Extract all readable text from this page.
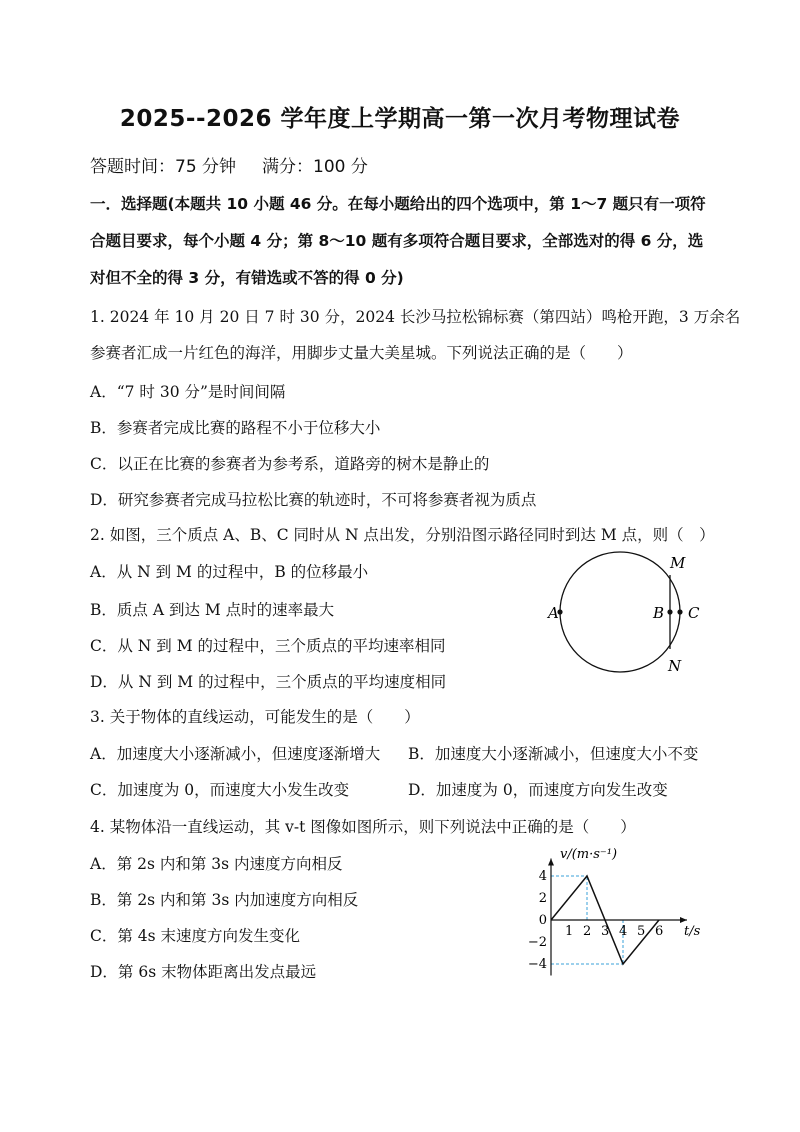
2025--2026 学年度上学期高一第一次月考物理试卷
答题时间：75 分钟 满分：100 分
一．选择题(本题共 10 小题 46 分。在每小题给出的四个选项中，第 1～7 题只有一项符
合题目要求，每个小题 4 分；第 8～10 题有多项符合题目要求，全部选对的得 6 分，选
对但不全的得 3 分，有错选或不答的得 0 分)
1. 2024 年 10 月 20 日 7 时 30 分，2024 长沙马拉松锦标赛（第四站）鸣枪开跑，3 万余名
参赛者汇成一片红色的海洋，用脚步丈量大美星城。下列说法正确的是（　　）
A．“7 时 30 分”是时间间隔
B．参赛者完成比赛的路程不小于位移大小
C．以正在比赛的参赛者为参考系，道路旁的树木是静止的
D．研究参赛者完成马拉松比赛的轨迹时，不可将参赛者视为质点
2. 如图，三个质点 A、B、C 同时从 N 点出发，分别沿图示路径同时到达 M 点，则（　）
A．从 N 到 M 的过程中，B 的位移最小
B．质点 A 到达 M 点时的速率最大
C．从 N 到 M 的过程中，三个质点的平均速率相同
D．从 N 到 M 的过程中，三个质点的平均速度相同
M
N
A	B C
3. 关于物体的直线运动，可能发生的是（　　）
A．加速度大小逐渐减小，但速度逐渐增大 B．加速度大小逐渐减小，但速度大小不变
C．加速度为 0，而速度大小发生改变	D．加速度为 0，而速度方向发生改变
4. 某物体沿一直线运动，其 v-t 图像如图所示，则下列说法中正确的是（　　）
A．第 2s 内和第 3s 内速度方向相反
B．第 2s 内和第 3s 内加速度方向相反
C．第 4s 末速度方向发生变化
D．第 6s 末物体距离出发点最远
1 2 3 4 5 6
4
2
0
−2
−4
v/(m·s⁻¹)
t/s
